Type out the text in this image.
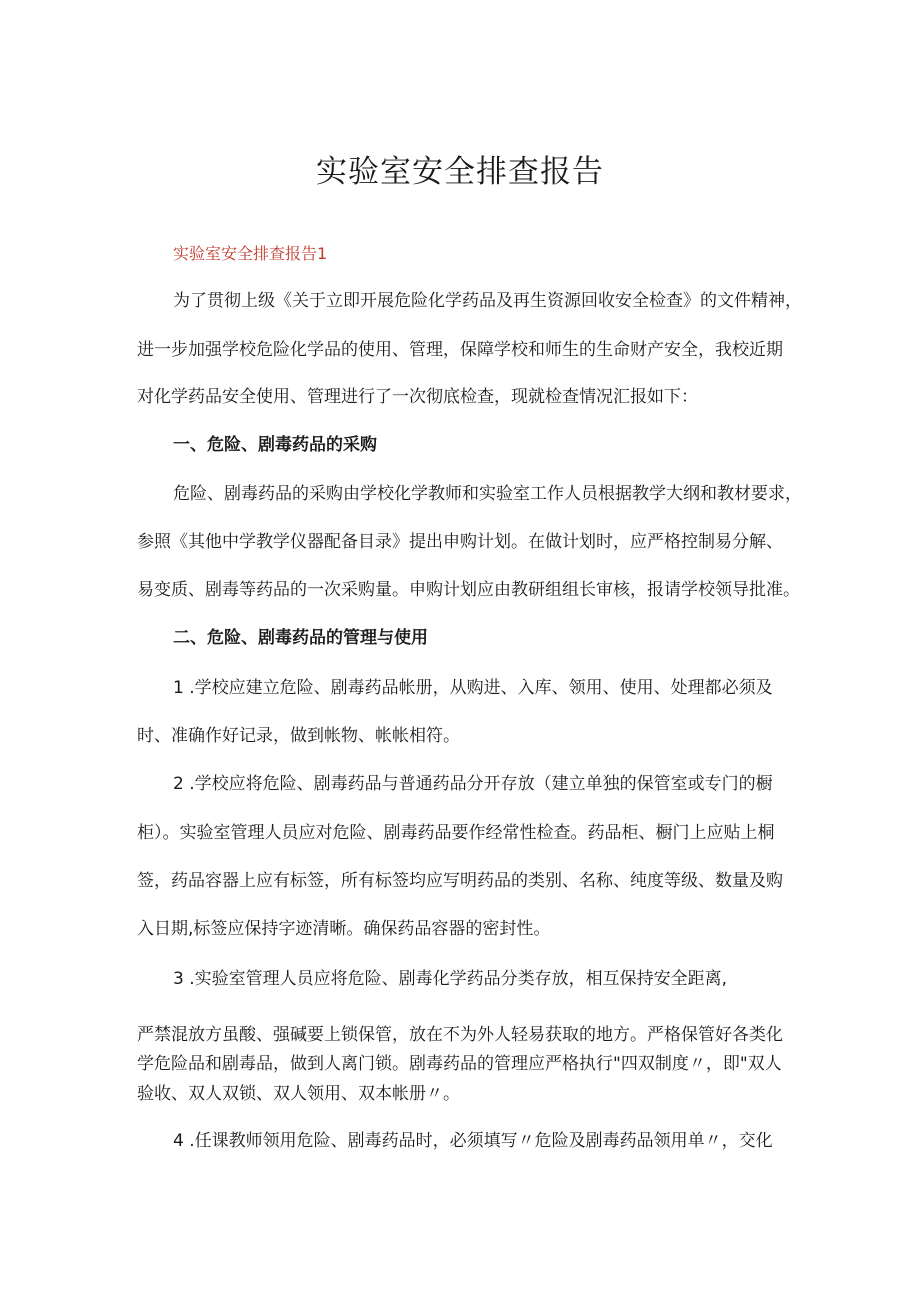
实验室安全排查报告
实验室安全排查报告1
为了贯彻上级《关于立即开展危险化学药品及再生资源回收安全检查》的文件精神，
进一步加强学校危险化学品的使用、管理，保障学校和师生的生命财产安全，我校近期
对化学药品安全使用、管理进行了一次彻底检查，现就检查情况汇报如下：
一、危险、剧毒药品的采购
危险、剧毒药品的采购由学校化学教师和实验室工作人员根据教学大纲和教材要求，
参照《其他中学教学仪器配备目录》提出申购计划。在做计划时，应严格控制易分解、
易变质、剧毒等药品的一次采购量。申购计划应由教研组组长审核，报请学校领导批准。
二、危险、剧毒药品的管理与使用
1 .学校应建立危险、剧毒药品帐册，从购进、入库、领用、使用、处理都必须及
时、准确作好记录，做到帐物、帐帐相符。
2 .学校应将危险、剧毒药品与普通药品分开存放（建立单独的保管室或专门的橱
柜）。实验室管理人员应对危险、剧毒药品要作经常性检查。药品柜、橱门上应贴上桐
签，药品容器上应有标签，所有标签均应写明药品的类别、名称、纯度等级、数量及购
入日期,标签应保持字迹清晰。确保药品容器的密封性。
3 .实验室管理人员应将危险、剧毒化学药品分类存放，相互保持安全距离,
严禁混放方虽酸、强碱要上锁保管，放在不为外人轻易获取的地方。严格保管好各类化
学危险品和剧毒品，做到人离门锁。剧毒药品的管理应严格执行"四双制度〃，即"双人
验收、双人双锁、双人领用、双本帐册〃。
4 .任课教师领用危险、剧毒药品时，必须填写〃危险及剧毒药品领用单〃，交化
